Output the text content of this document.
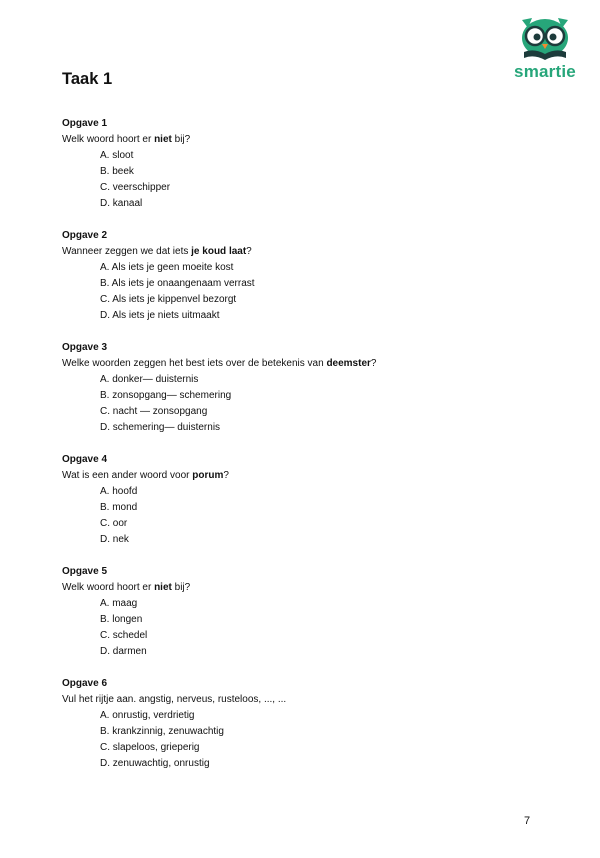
smartie
Taak 1
Opgave 1
Welk woord hoort er niet bij?
A. sloot
B. beek
C. veerschipper
D. kanaal
Opgave 2
Wanneer zeggen we dat iets je koud laat?
A. Als iets je geen moeite kost
B. Als iets je onaangenaam verrast
C. Als iets je kippenvel bezorgt
D. Als iets je niets uitmaakt
Opgave 3
Welke woorden zeggen het best iets over de betekenis van deemster?
A. donker— duisternis
B. zonsopgang— schemering
C. nacht — zonsopgang
D. schemering— duisternis
Opgave 4
Wat is een ander woord voor porum?
A. hoofd
B. mond
C. oor
D. nek
Opgave 5
Welk woord hoort er niet bij?
A. maag
B. longen
C. schedel
D. darmen
Opgave 6
Vul het rijtje aan. angstig, nerveus, rusteloos, ..., ...
A. onrustig, verdrietig
B. krankzinnig, zenuwachtig
C. slapeloos, grieperig
D. zenuwachtig, onrustig
7
